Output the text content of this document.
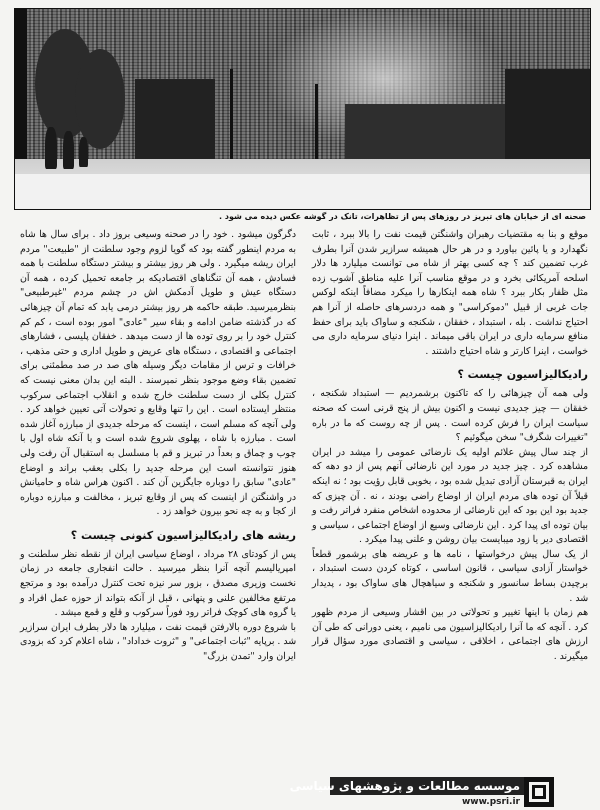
صحنه ای از خیابان های تبریز در روزهای پس از تظاهرات، تانک در گوشه عکس دیده می شود .

موقع و بنا به مقتضیات رهبران واشنگتن قیمت نفت را بالا ببرد ، ثابت نگهدارد و یا پائین بیاورد و در هر حال همیشه سرازیر شدن آنرا بطرف غرب تضمین کند ؟ چه کسی بهتر از شاه می توانست میلیارد ها دلار اسلحه آمریکائی بخرد و در موقع مناسب آنرا علیه مناطق آشوب زده مثل ظفار بکار ببرد ؟ شاه همه اینکارها را میکرد مضافاً اینکه لوکس جات غربی از قبیل "دموکراسی" و همه دردسرهای حاصله از آنرا هم احتیاج نداشت . بله ، استبداد ، خفقان ، شکنجه و ساواک باید برای حفظ منافع سرمایه داری در ایران باقی میماند . اینرا دنیای سرمایه داری می خواست ، اینرا کارتر و شاه احتیاج داشتند .

رادیکالیزاسیون چیست ؟

ولی همه آن چیزهائی را که تاکنون برشمردیم — استبداد شکنجه ، خفقان — چیز جدیدی نیست و اکنون بیش از پنج قرنی است که صحنه سیاست ایران را فرش کرده است . پس از چه روست که ما در باره "تغییرات شگرف" سخن میگوئیم ؟

از چند سال پیش علائم اولیه یک نارضائی عمومی را میشد در ایران مشاهده کرد . چیز جدید در مورد این نارضائی آنهم پس از دو دهه که ایران به قبرستان آزادی تبدیل شده بود ، بخوبی قابل رؤیت بود ؛ نه اینکه قبلاً آن توده های مردم ایران از اوضاع راضی بودند ، نه . آن چیزی که جدید بود این بود که این نارضائی از محدوده اشخاص منفرد فراتر رفت و بیان توده ای پیدا کرد . این نارضائی وسیع از اوضاع اجتماعی ، سیاسی و اقتصادی دیر یا زود میبایست بیان روشن و علنی پیدا میکرد .

از یک سال پیش درخواستها ، نامه ها و عریضه های برشمور قطعاً خواستار آزادی سیاسی ، قانون اساسی ، کوتاه کردن دست استبداد ، برچیدن بساط سانسور و شکنجه و سیاهچال های ساواک بود ، پدیدار شد .

هم زمان با اینها تغییر و تحولاتی در بین اقشار وسیعی از مردم ظهور کرد . آنچه که ما آنرا رادیکالیزاسیون می نامیم ، یعنی دورانی که طی آن ارزش های اجتماعی ، اخلاقی ، سیاسی و اقتصادی مورد سؤال قرار میگیرند .

دگرگون میشود . خود را در صحنه وسیعی بروز داد . برای سال ها شاه به مردم اینطور گفته بود که گویا لزوم وجود سلطنت از "طبیعت" مردم ایران ریشه میگیرد . ولی هر روز بیشتر و بیشتر دستگاه سلطنت با همه فسادش ، همه آن تنگناهای اقتصادیکه بر جامعه تحمیل کرده ، همه آن دستگاه عیش و طویل آدمکش اش در چشم مردم "غیرطبیعی" بنظرمیرسید. طبقه حاکمه هر روز بیشتر درمی یابد که تمام آن چیزهائی که در گذشته ضامن ادامه و بقاء سیر "عادی" امور بوده است ، کم کم کنترل خود را بر روی توده ها از دست میدهد . خفقان پلیسی ، فشارهای اجتماعی و اقتصادی ، دستگاه های عریض و طویل اداری و حتی مذهب ، خرافات و ترس از مقامات دیگر وسیله های صد در صد مطمئنی برای تضمین بقاء وضع موجود بنظر نمیرسند . البته این بدان معنی نیست که کنترل بکلی از دست سلطنت خارج شده و انقلاب اجتماعی سرکوب منتظر ایستاده است . این را تنها وقایع و تحولات آتی تعیین خواهد کرد . ولی آنچه که مسلم است ، اینست که مرحله جدیدی از مبارزه آغاز شده است . مبارزه با شاه ، پهلوی شروع شده است و با آنکه شاه اول با چوب و چماق و بعداً در تبریز و قم با مسلسل به استقبال آن رفت ولی هنوز نتوانسته است این مرحله جدید را بکلی بعقب براند و اوضاع "عادی" سابق را دوباره جایگزین آن کند . اکنون هراس شاه و حامیانش در واشنگتن از اینست که پس از وقایع تبریز ، مخالفت و مبارزه دوباره از کجا و به چه نحو بیرون خواهد زد .

ریشه های رادیکالیزاسیون کنونی چیست ؟

پس از کودتای ۲۸ مرداد ، اوضاع سیاسی ایران از نقطه نظر سلطنت و امپریالیسم آنچه آنرا بنظر میرسید . حالت انفجاری جامعه در زمان نخست وزیری مصدق ، بزور سر نیزه تحت کنترل درآمده بود و مرتجع مرتفع مخالفین علنی و پنهانی ، قبل از آنکه بتواند از حوزه عمل افراد و یا گروه های کوچک فراتر رود فوراً سرکوب و قلع و قمع میشد .

با شروع دوره بالارفتن قیمت نفت ، میلیارد ها دلار بطرف ایران سرازیر شد . برپایه "ثبات اجتماعی" و "ثروت خداداد" ، شاه اعلام کرد که بزودی ایران وارد "تمدن بزرگ"

موسسه مطالعات و پژوهشهای سیاسی
www.psri.ir
